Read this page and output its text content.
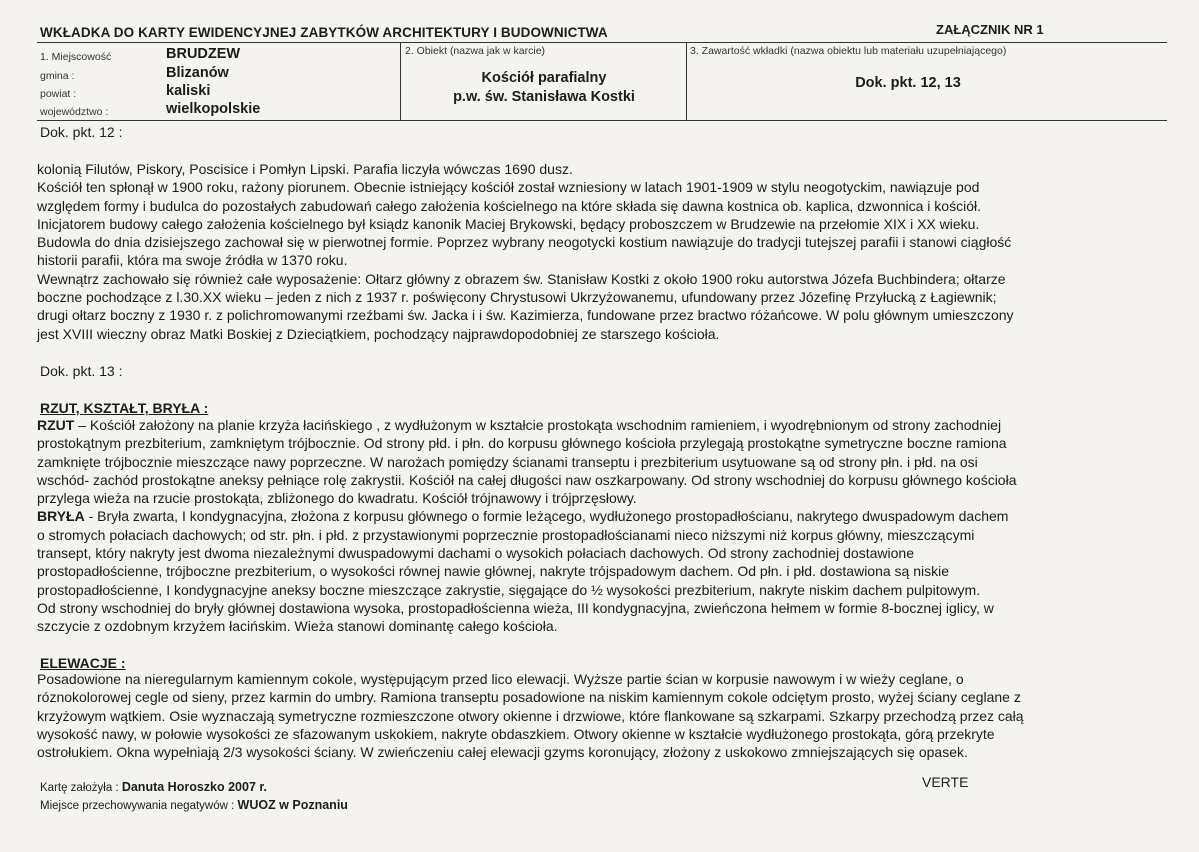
WKŁADKA DO KARTY EWIDENCYJNEJ ZABYTKÓW ARCHITEKTURY I BUDOWNICTWA	ZAŁĄCZNIK NR 1
1. Miejscowość	BRUDZEW
gmina :	Blizanów
powiat :	kaliski
województwo :	wielkopolskie
2. Obiekt (nazwa jak w karcie)
Kościół parafialny
p.w. św. Stanisława Kostki
3. Zawartość wkładki (nazwa obiektu lub materiału uzupełniającego)
Dok. pkt. 12, 13
Dok. pkt. 12 :

kolonią Filutów, Piskory, Poscisice i Pomłyn Lipski. Parafia liczyła wówczas 1690 dusz.

Kościół ten spłonął w 1900 roku, rażony piorunem. Obecnie istniejący kościół został wzniesiony w latach 1901-1909 w stylu neogotyckim, nawiązuje pod

względem formy i budulca do pozostałych zabudowań całego założenia kościelnego na które składa się dawna kostnica ob. kaplica, dzwonnica i kościół.

Inicjatorem budowy całego założenia kościelnego był ksiądz kanonik Maciej Brykowski, będący proboszczem w Brudzewie na przełomie XIX i XX wieku.

Budowla do dnia dzisiejszego zachował się w pierwotnej formie. Poprzez wybrany neogotycki kostium nawiązuje do tradycji tutejszej parafii i stanowi ciągłość

historii parafii, która ma swoje źródła w 1370 roku.

Wewnątrz zachowało się również całe wyposażenie: Ołtarz główny z obrazem św. Stanisław Kostki z około 1900 roku autorstwa Józefa Buchbindera; ołtarze

boczne pochodzące z l.30.XX wieku – jeden z nich z 1937 r. poświęcony Chrystusowi Ukrzyżowanemu, ufundowany przez Józefinę Przyłucką z Łagiewnik;

drugi ołtarz boczny z 1930 r. z polichromowanymi rzeźbami św. Jacka i i św. Kazimierza, fundowane przez bractwo różańcowe. W polu głównym umieszczony

jest XVIII wieczny obraz Matki Boskiej z Dzieciątkiem, pochodzący najprawdopodobniej ze starszego kościoła.

Dok. pkt. 13 :
RZUT, KSZTAŁT, BRYŁA :

RZUT – Kościół założony na planie krzyża łacińskiego , z wydłużonym w kształcie prostokąta wschodnim ramieniem, i wyodrębnionym od strony zachodniej

prostokątnym prezbiterium, zamkniętym trójbocznie. Od strony płd. i płn. do korpusu głównego kościoła przylegają prostokątne symetryczne boczne ramiona

zamknięte trójbocznie mieszczące nawy poprzeczne. W narożach pomiędzy ścianami transeptu i prezbiterium usytuowane są od strony płn. i płd. na osi

wschód- zachód prostokątne aneksy pełniące rolę zakrystii. Kościół na całej długości naw oszkarpowany. Od strony wschodniej do korpusu głównego kościoła

przylega wieża na rzucie prostokąta, zbliżonego do kwadratu. Kościół trójnawowy i trójprzęsłowy.

BRYŁA - Bryła zwarta, I kondygnacyjna, złożona z korpusu głównego o formie leżącego, wydłużonego prostopadłościanu, nakrytego dwuspadowym dachem

o stromych połaciach dachowych; od str. płn. i płd. z przystawionymi poprzecznie prostopadłościanami nieco niższymi niż korpus główny, mieszczącymi

transept, który nakryty jest dwoma niezależnymi dwuspadowymi dachami o wysokich połaciach dachowych. Od strony zachodniej dostawione

prostopadłościenne, trójboczne prezbiterium, o wysokości równej nawie głównej, nakryte trójspadowym dachem. Od płn. i płd. dostawiona są niskie

prostopadłościenne, I kondygnacyjne aneksy boczne mieszczące zakrystie, sięgające do ½ wysokości prezbiterium, nakryte niskim dachem pulpitowym.

Od strony wschodniej do bryły głównej dostawiona wysoka, prostopadłościenna wieża, III kondygnacyjna, zwieńczona hełmem w formie 8-bocznej iglicy, w

szczycie z ozdobnym krzyżem łacińskim. Wieża stanowi dominantę całego kościoła.

ELEWACJE :

Posadowione na nieregularnym kamiennym cokole, występującym przed lico elewacji. Wyższe partie ścian w korpusie nawowym i w wieży ceglane, o

róznokolorowej cegle od sieny, przez karmin do umbry. Ramiona transeptu posadowione na niskim kamiennym cokole odciętym prosto, wyżej ściany ceglane z

krzyżowym wątkiem. Osie wyznaczają symetryczne rozmieszczone otwory okienne i drzwiowe, które flankowane są szkarpami. Szkarpy przechodzą przez całą

wysokość nawy, w połowie wysokości ze sfazowanym uskokiem, nakryte obdaszkiem. Otwory okienne w kształcie wydłużonego prostokąta, górą przekryte

ostrołukiem. Okna wypełniają 2/3 wysokości ściany. W zwieńczeniu całej elewacji gzyms koronujący, złożony z uskokowo zmniejszających się opasek.

Kartę założyła : Danuta Horoszko 2007 r.
Miejsce przechowywania negatywów : WUOZ w Poznaniu
VERTE
